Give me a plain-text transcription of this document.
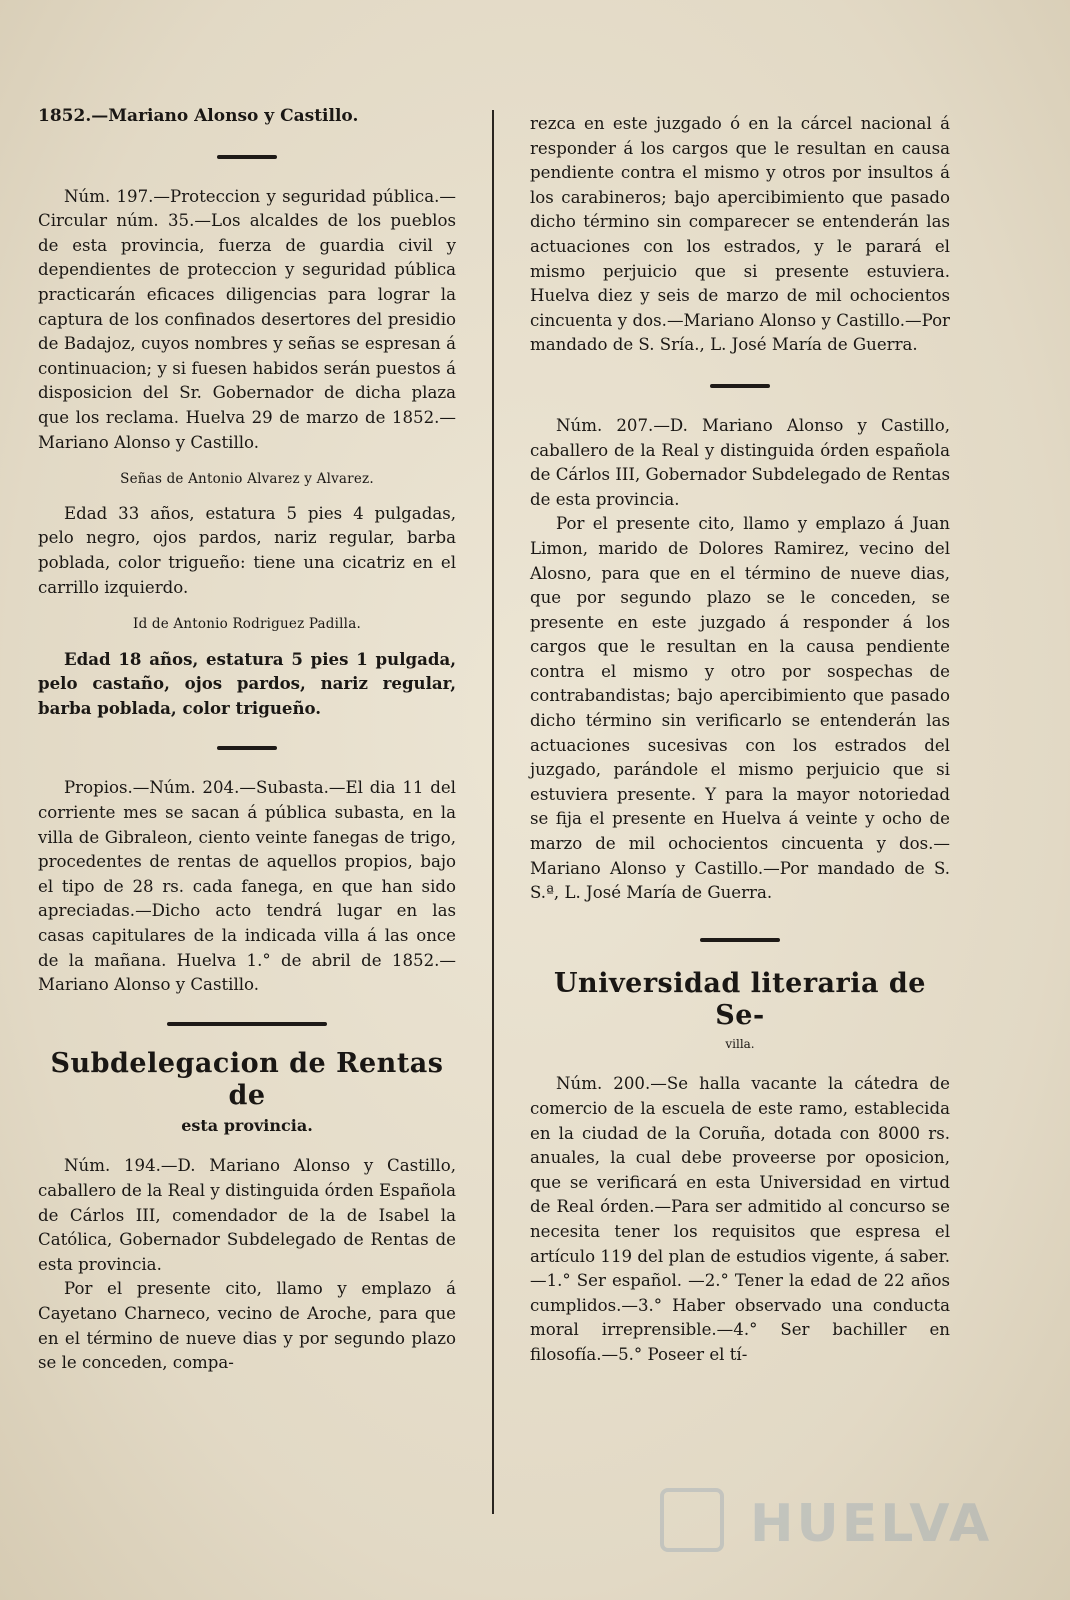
1852.—Mariano Alonso y Castillo.

Núm. 197.—Proteccion y seguridad pública.—Circular núm. 35.—Los alcaldes de los pueblos de esta provincia, fuerza de guardia civil y dependientes de proteccion y seguridad pública practicarán eficaces diligencias para lograr la captura de los confinados desertores del presidio de Badajoz, cuyos nombres y señas se espresan á continuacion; y si fuesen habidos serán puestos á disposicion del Sr. Gobernador de dicha plaza que los reclama. Huelva 29 de marzo de 1852.—Mariano Alonso y Castillo.

Señas de Antonio Alvarez y Alvarez.

Edad 33 años, estatura 5 pies 4 pulgadas, pelo negro, ojos pardos, nariz regular, barba poblada, color trigueño: tiene una cicatriz en el carrillo izquierdo.

Id de Antonio Rodriguez Padilla.

Edad 18 años, estatura 5 pies 1 pulgada, pelo castaño, ojos pardos, nariz regular, barba poblada, color trigueño.

Propios.—Núm. 204.—Subasta.—El dia 11 del corriente mes se sacan á pública subasta, en la villa de Gibraleon, ciento veinte fanegas de trigo, procedentes de rentas de aquellos propios, bajo el tipo de 28 rs. cada fanega, en que han sido apreciadas.—Dicho acto tendrá lugar en las casas capitulares de la indicada villa á las once de la mañana. Huelva 1.° de abril de 1852.—Mariano Alonso y Castillo.

Subdelegacion de Rentas de

esta provincia.

Núm. 194.—D. Mariano Alonso y Castillo, caballero de la Real y distinguida órden Española de Cárlos III, comendador de la de Isabel la Católica, Gobernador Subdelegado de Rentas de esta provincia.

Por el presente cito, llamo y emplazo á Cayetano Charneco, vecino de Aroche, para que en el término de nueve dias y por segundo plazo se le conceden, compa-

rezca en este juzgado ó en la cárcel nacional á responder á los cargos que le resultan en causa pendiente contra el mismo y otros por insultos á los carabineros; bajo apercibimiento que pasado dicho término sin comparecer se entenderán las actuaciones con los estrados, y le parará el mismo perjuicio que si presente estuviera. Huelva diez y seis de marzo de mil ochocientos cincuenta y dos.—Mariano Alonso y Castillo.—Por mandado de S. Sría., L. José María de Guerra.

Núm. 207.—D. Mariano Alonso y Castillo, caballero de la Real y distinguida órden española de Cárlos III, Gobernador Subdelegado de Rentas de esta provincia.

Por el presente cito, llamo y emplazo á Juan Limon, marido de Dolores Ramirez, vecino del Alosno, para que en el término de nueve dias, que por segundo plazo se le conceden, se presente en este juzgado á responder á los cargos que le resultan en la causa pendiente contra el mismo y otro por sospechas de contrabandistas; bajo apercibimiento que pasado dicho término sin verificarlo se entenderán las actuaciones sucesivas con los estrados del juzgado, parándole el mismo perjuicio que si estuviera presente. Y para la mayor notoriedad se fija el presente en Huelva á veinte y ocho de marzo de mil ochocientos cincuenta y dos.—Mariano Alonso y Castillo.—Por mandado de S. S.ª, L. José María de Guerra.

Universidad literaria de Se-

villa.

Núm. 200.—Se halla vacante la cátedra de comercio de la escuela de este ramo, establecida en la ciudad de la Coruña, dotada con 8000 rs. anuales, la cual debe proveerse por oposicion, que se verificará en esta Universidad en virtud de Real órden.—Para ser admitido al concurso se necesita tener los requisitos que espresa el artículo 119 del plan de estudios vigente, á saber.—1.° Ser español. —2.° Tener la edad de 22 años cumplidos.—3.° Haber observado una conducta moral irreprensible.—4.° Ser bachiller en filosofía.—5.° Poseer el tí-

HUELVA
